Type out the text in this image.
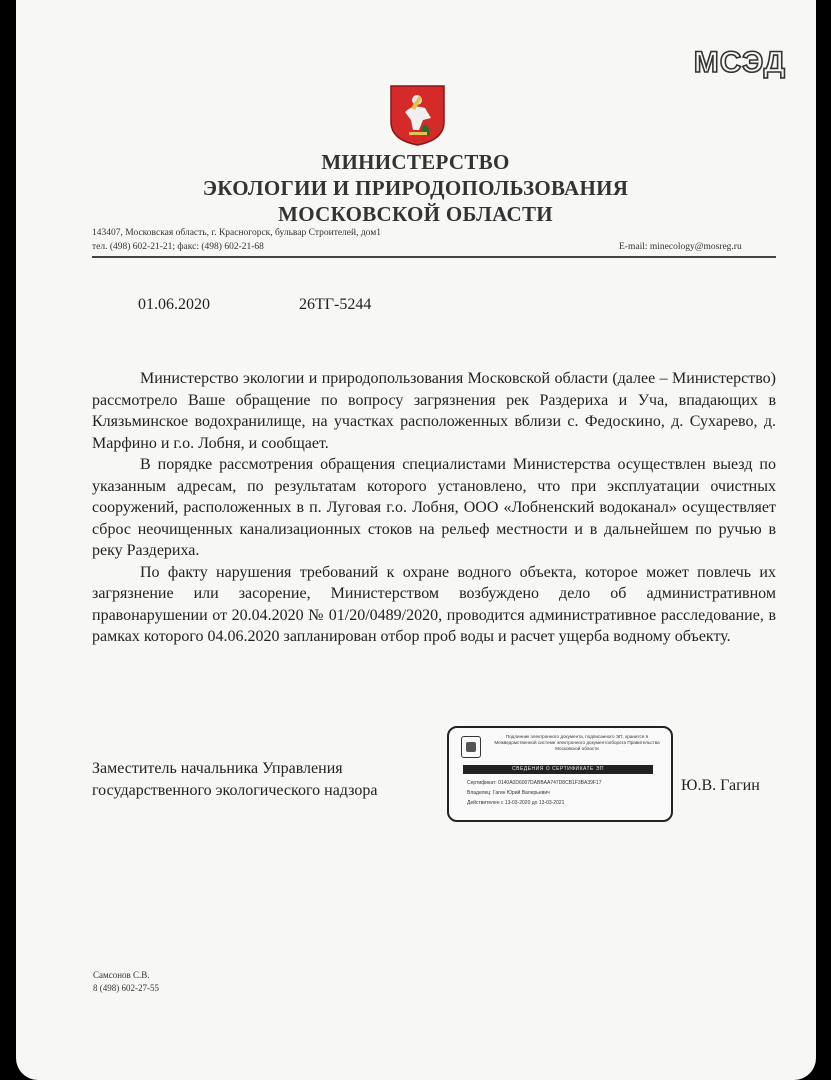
МСЭД
МИНИСТЕРСТВО
ЭКОЛОГИИ И ПРИРОДОПОЛЬЗОВАНИЯ
МОСКОВСКОЙ ОБЛАСТИ
143407, Московская область, г. Красногорск, бульвар Строителей, дом1
тел. (498) 602-21-21; факс: (498) 602-21-68	E-mail: minecology@mosreg.ru
01.06.2020	26ТГ-5244

Министерство экологии и природопользования Московской области (далее – Министерство) рассмотрело Ваше обращение по вопросу загрязнения рек Раздериха и Уча, впадающих в Клязьминское водохранилище, на участках расположенных вблизи с. Федоскино, д. Сухарево, д. Марфино и г.о. Лобня, и сообщает.

В порядке рассмотрения обращения специалистами Министерства осуществлен выезд по указанным адресам, по результатам которого установлено, что при эксплуатации очистных сооружений, расположенных в п. Луговая г.о. Лобня, ООО «Лобненский водоканал» осуществляет сброс неочищенных канализационных стоков на рельеф местности и в дальнейшем по ручью в реку Раздериха.

По факту нарушения требований к охране водного объекта, которое может повлечь их загрязнение или засорение, Министерством возбуждено дело об административном правонарушении от 20.04.2020 № 01/20/0489/2020, проводится административное расследование, в рамках которого 04.06.2020 запланирован отбор проб воды и расчет ущерба водному объекту.

Заместитель начальника Управления
государственного экологического надзора
Подлинник электронного документа, подписанного ЭП, хранится в Межведомственной системе электронного документооборота Правительства Московской области
СВЕДЕНИЯ О СЕРТИФИКАТЕ ЭП
Сертификат: 0140A0D6007DABBAA747D8CB1F3BA39F17
Владелец: Гагин Юрий Валерьевич
Действителен с 13-03-2020 до 13-03-2021
Ю.В. Гагин
Самсонов С.В.
8 (498) 602-27-55
